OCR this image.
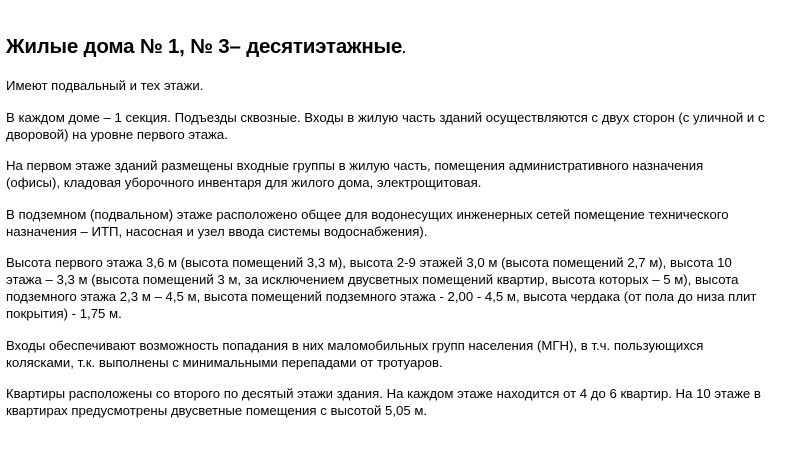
Жилые дома № 1, № 3– десятиэтажные.

Имеют подвальный и тех этажи.

В каждом доме – 1 секция. Подъезды сквозные. Входы в жилую часть зданий осуществляются с двух сторон (с уличной и с
дворовой) на уровне первого этажа.

На первом этаже зданий размещены входные группы в жилую часть, помещения административного назначения
(офисы), кладовая уборочного инвентаря для жилого дома, электрощитовая.

В подземном (подвальном) этаже расположено общее для водонесущих инженерных сетей помещение технического
назначения – ИТП, насосная и узел ввода системы водоснабжения).

Высота первого этажа 3,6 м (высота помещений 3,3 м), высота 2-9 этажей 3,0 м (высота помещений 2,7 м), высота 10
этажа – 3,3 м (высота помещений 3 м, за исключением двусветных помещений квартир, высота которых – 5 м), высота
подземного этажа 2,3 м – 4,5 м, высота помещений подземного этажа - 2,00 - 4,5 м, высота чердака (от пола до низа плит
покрытия) - 1,75 м.

Входы обеспечивают возможность попадания в них маломобильных групп населения (МГН), в т.ч. пользующихся
колясками, т.к. выполнены с минимальными перепадами от тротуаров.

Квартиры расположены со второго по десятый этажи здания. На каждом этаже находится от 4 до 6 квартир. На 10 этаже в
квартирах предусмотрены двусветные помещения с высотой 5,05 м.
